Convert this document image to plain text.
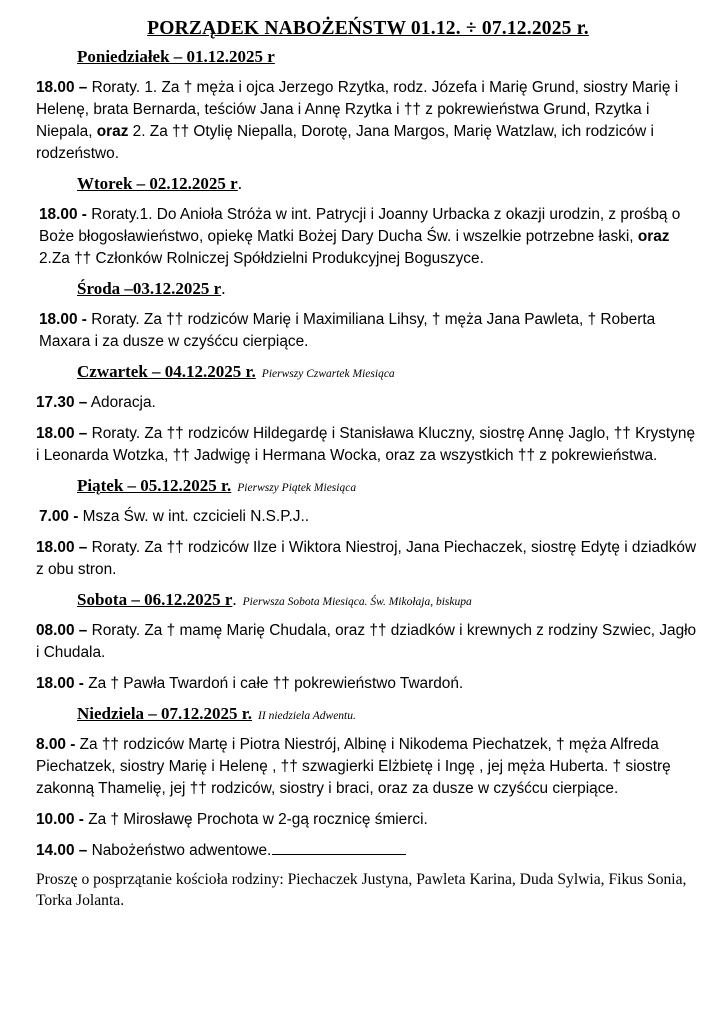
PORZĄDEK NABOŻEŃSTW 01.12. ÷ 07.12.2025 r.
Poniedziałek – 01.12.2025 r
18.00 – Roraty. 1. Za † męża i ojca Jerzego Rzytka, rodz. Józefa i Marię Grund, siostry Marię i Helenę, brata Bernarda, teściów Jana i Annę Rzytka i †† z pokrewieństwa Grund, Rzytka i Niepala, oraz 2. Za †† Otylię Niepalla, Dorotę, Jana Margos, Marię Watzlaw, ich rodziców i rodzeństwo.
Wtorek – 02.12.2025 r.
18.00 - Roraty.1. Do Anioła Stróża w int. Patrycji i Joanny Urbacka z okazji urodzin, z prośbą o Boże błogosławieństwo, opiekę Matki Bożej Dary Ducha Św. i wszelkie potrzebne łaski, oraz 2.Za †† Członków Rolniczej Spółdzielni Produkcyjnej Boguszyce.
Środa –03.12.2025 r.
18.00 - Roraty. Za †† rodziców Marię i Maximiliana Lihsy, † męża Jana Pawleta, † Roberta Maxara i za dusze w czyśćcu cierpiące.
Czwartek – 04.12.2025 r. Pierwszy Czwartek Miesiąca
17.30 – Adoracja.
18.00 – Roraty. Za †† rodziców Hildegardę i Stanisława Kluczny, siostrę Annę Jaglo, †† Krystynę i Leonarda Wotzka, †† Jadwigę i Hermana Wocka, oraz za wszystkich †† z pokrewieństwa.
Piątek – 05.12.2025 r. Pierwszy Piątek Miesiąca
7.00 - Msza Św. w int. czcicieli N.S.P.J..
18.00 – Roraty. Za †† rodziców Ilze i Wiktora Niestroj, Jana Piechaczek, siostrę Edytę i dziadków z obu stron.
Sobota – 06.12.2025 r. Pierwsza Sobota Miesiąca. Św. Mikołaja, biskupa
08.00 – Roraty. Za † mamę Marię Chudala, oraz †† dziadków i krewnych z rodziny Szwiec, Jagło i Chudala.
18.00 - Za † Pawła Twardoń i całe †† pokrewieństwo Twardoń.
Niedziela – 07.12.2025 r. II niedziela Adwentu.
8.00 - Za †† rodziców Martę i Piotra Niestrój, Albinę i Nikodema Piechatzek, † męża Alfreda Piechatzek, siostry Marię i Helenę , †† szwagierki Elżbietę i Ingę , jej męża Huberta. † siostrę zakonną Thamelię, jej †† rodziców, siostry i braci, oraz za dusze w czyśćcu cierpiące.
10.00 - Za † Mirosławę Prochota w 2-gą rocznicę śmierci.
14.00 – Nabożeństwo adwentowe.
Proszę o posprzątanie kościoła rodziny: Piechaczek Justyna, Pawleta Karina, Duda Sylwia, Fikus Sonia, Torka Jolanta.
